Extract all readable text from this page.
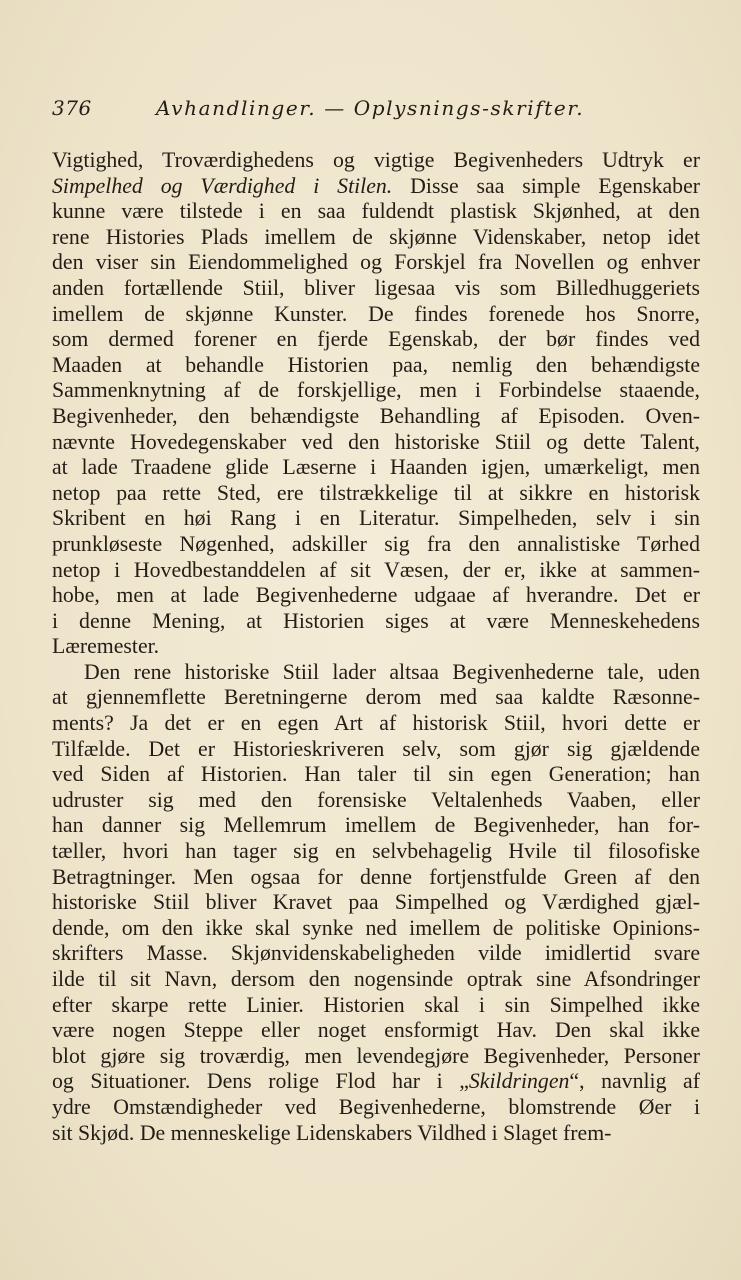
376	Avhandlinger. — Oplysnings-skrifter.
Vigtighed, Troværdighedens og vigtige Begivenheders Udtryk er
Simpelhed og Værdighed i Stilen. Disse saa simple Egenskaber
kunne være tilstede i en saa fuldendt plastisk Skjønhed, at den
rene Histories Plads imellem de skjønne Videnskaber, netop idet
den viser sin Eiendommelighed og Forskjel fra Novellen og enhver
anden fortællende Stiil, bliver ligesaa vis som Billedhuggeriets
imellem de skjønne Kunster. De findes forenede hos Snorre,
som dermed forener en fjerde Egenskab, der bør findes ved
Maaden at behandle Historien paa, nemlig den behændigste
Sammenknytning af de forskjellige, men i Forbindelse staaende,
Begivenheder, den behændigste Behandling af Episoden. Oven-
nævnte Hovedegenskaber ved den historiske Stiil og dette Talent,
at lade Traadene glide Læserne i Haanden igjen, umærkeligt, men
netop paa rette Sted, ere tilstrækkelige til at sikkre en historisk
Skribent en høi Rang i en Literatur. Simpelheden, selv i sin
prunkløseste Nøgenhed, adskiller sig fra den annalistiske Tørhed
netop i Hovedbestanddelen af sit Væsen, der er, ikke at sammen-
hobe, men at lade Begivenhederne udgaae af hverandre. Det er
i denne Mening, at Historien siges at være Menneskehedens
Læremester.
Den rene historiske Stiil lader altsaa Begivenhederne tale, uden
at gjennemflette Beretningerne derom med saa kaldte Ræsonne-
ments? Ja det er en egen Art af historisk Stiil, hvori dette er
Tilfælde. Det er Historieskriveren selv, som gjør sig gjældende
ved Siden af Historien. Han taler til sin egen Generation; han
udruster sig med den forensiske Veltalenheds Vaaben, eller
han danner sig Mellemrum imellem de Begivenheder, han for-
tæller, hvori han tager sig en selvbehagelig Hvile til filosofiske
Betragtninger. Men ogsaa for denne fortjenstfulde Green af den
historiske Stiil bliver Kravet paa Simpelhed og Værdighed gjæl-
dende, om den ikke skal synke ned imellem de politiske Opinions-
skrifters Masse. Skjønvidenskabeligheden vilde imidlertid svare
ilde til sit Navn, dersom den nogensinde optrak sine Afsondringer
efter skarpe rette Linier. Historien skal i sin Simpelhed ikke
være nogen Steppe eller noget ensformigt Hav. Den skal ikke
blot gjøre sig troværdig, men levendegjøre Begivenheder, Personer
og Situationer. Dens rolige Flod har i „Skildringen“, navnlig af
ydre Omstændigheder ved Begivenhederne, blomstrende Øer i
sit Skjød. De menneskelige Lidenskabers Vildhed i Slaget frem-
